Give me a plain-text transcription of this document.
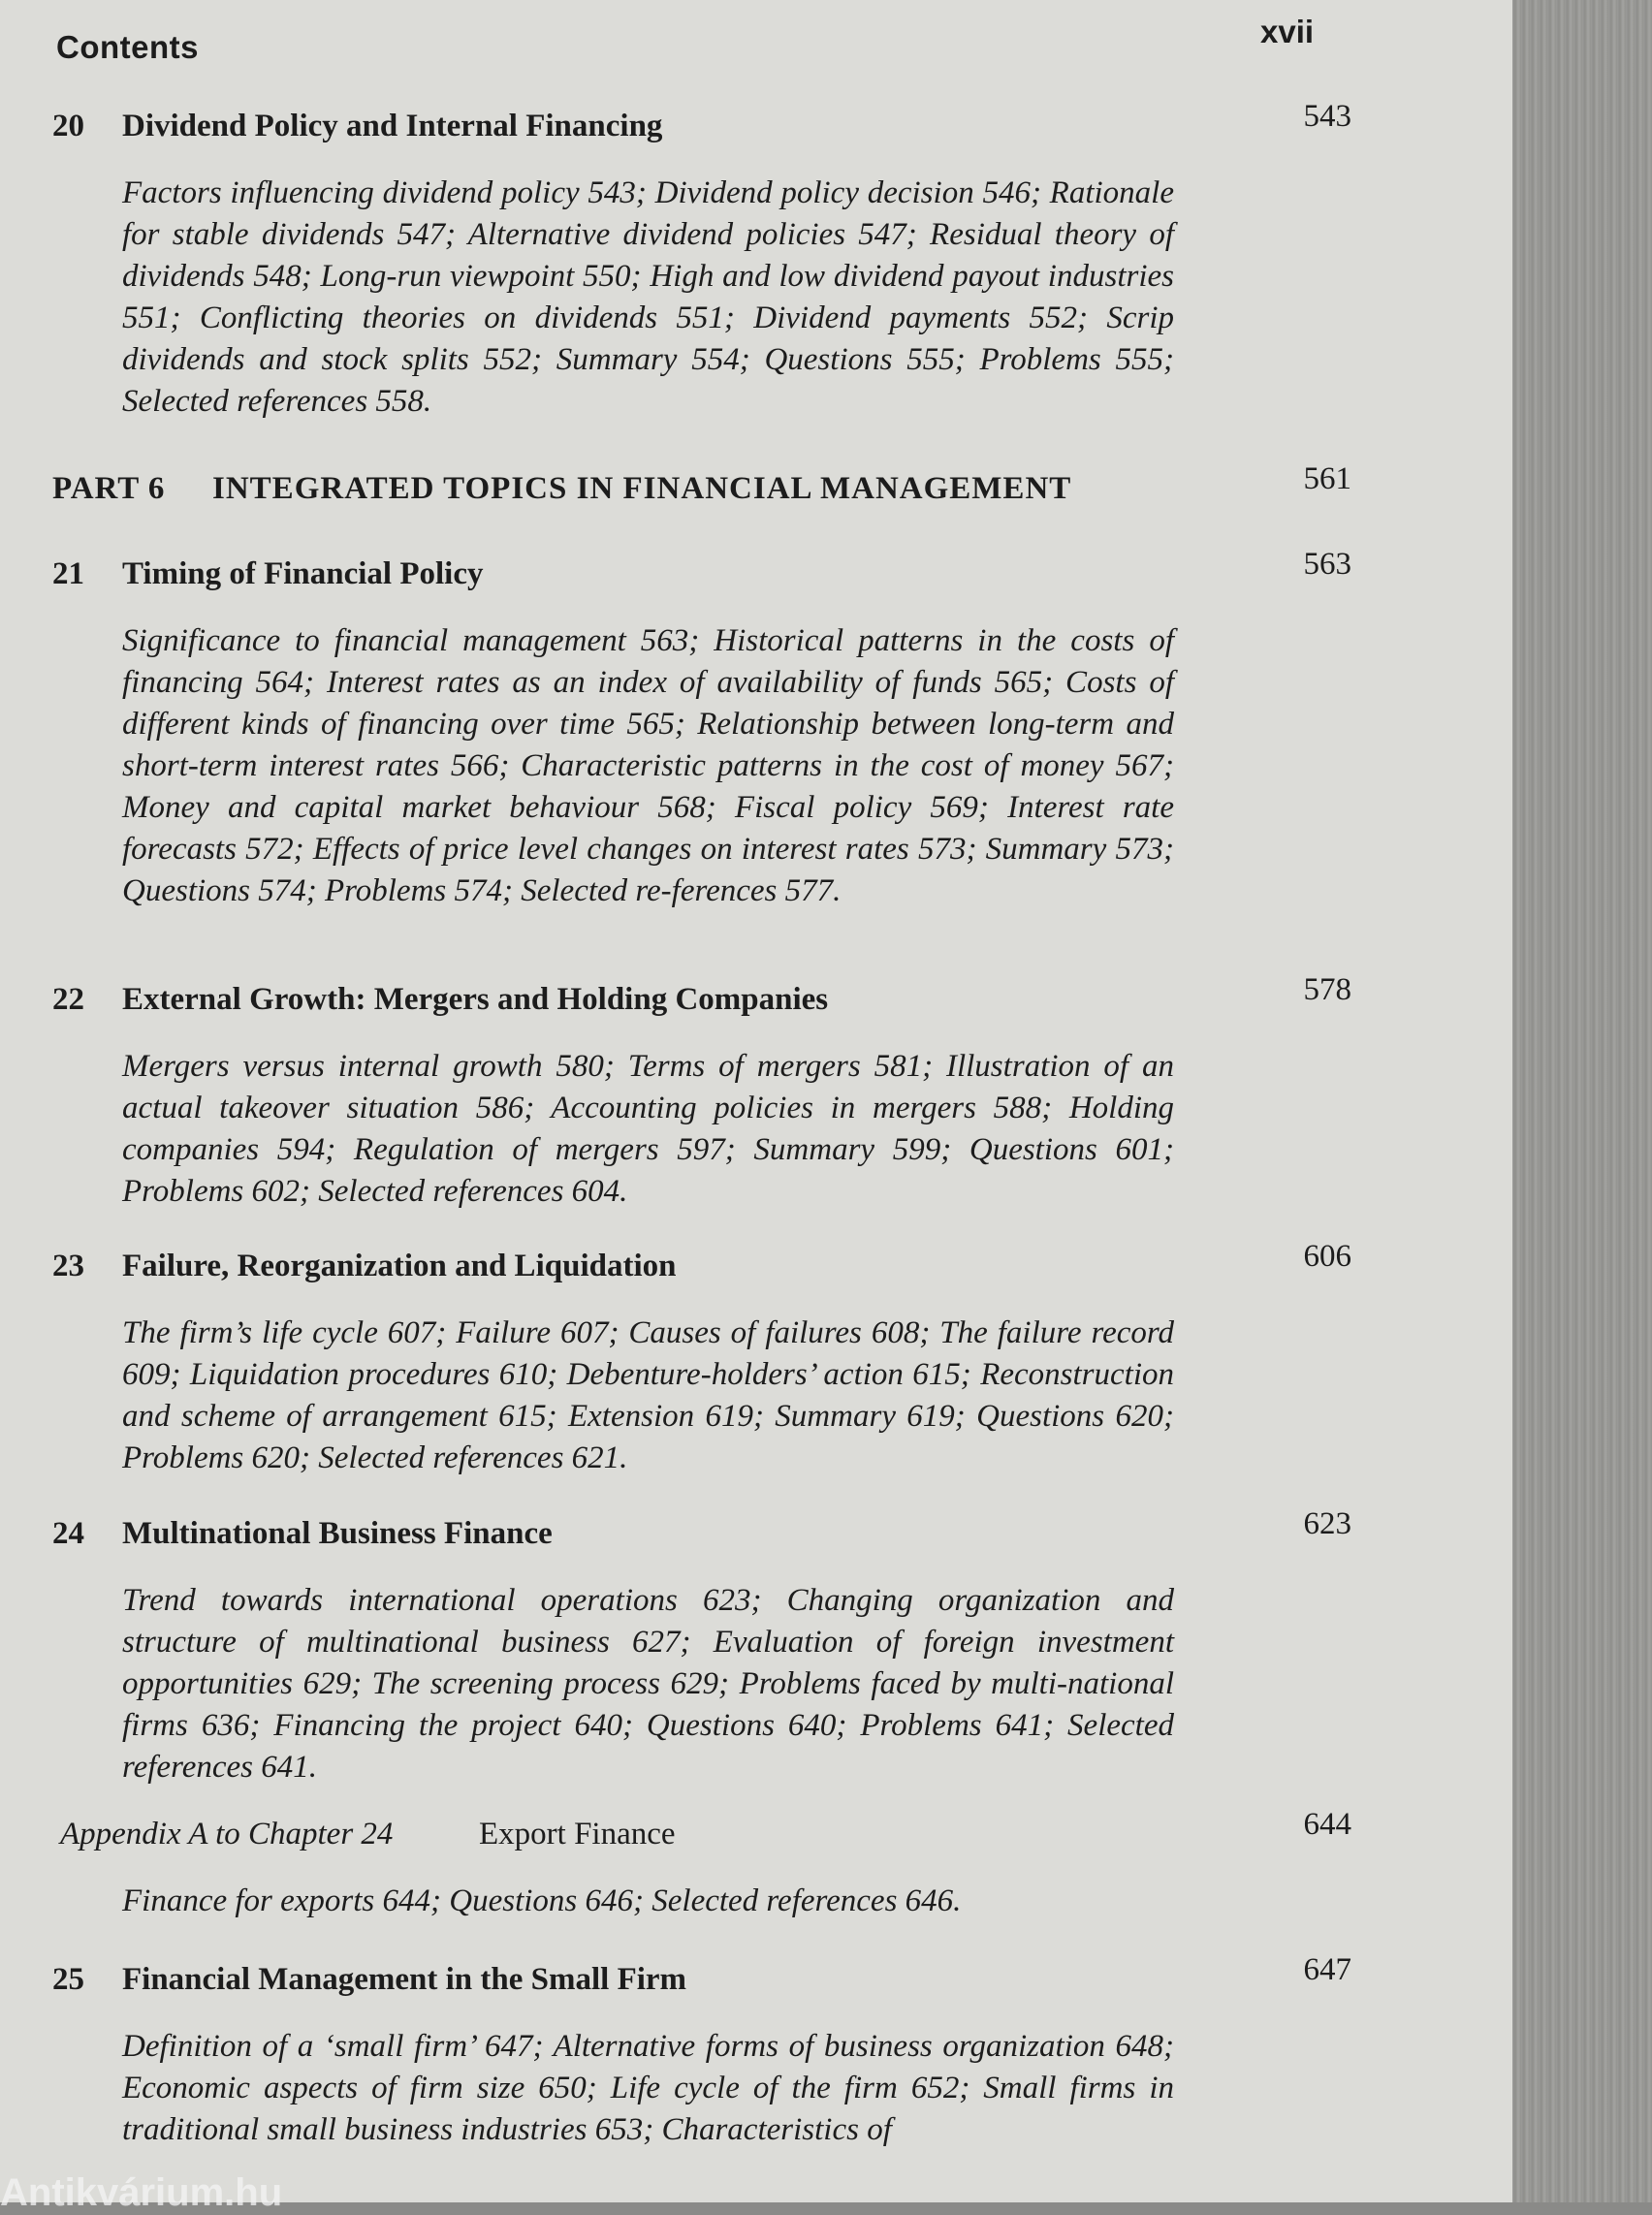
Contents	xvii
20 Dividend Policy and Internal Financing	543
Factors influencing dividend policy 543; Dividend policy decision 546; Rationale for stable dividends 547; Alternative dividend policies 547; Residual theory of dividends 548; Long-run viewpoint 550; High and low dividend payout industries 551; Conflicting theories on dividends 551; Dividend payments 552; Scrip dividends and stock splits 552; Summary 554; Questions 555; Problems 555; Selected references 558.
PART 6 INTEGRATED TOPICS IN FINANCIAL MANAGEMENT	561
21 Timing of Financial Policy	563
Significance to financial management 563; Historical patterns in the costs of financing 564; Interest rates as an index of availability of funds 565; Costs of different kinds of financing over time 565; Relationship between long-term and short-term interest rates 566; Characteristic patterns in the cost of money 567; Money and capital market behaviour 568; Fiscal policy 569; Interest rate forecasts 572; Effects of price level changes on interest rates 573; Summary 573; Questions 574; Problems 574; Selected re-ferences 577.
22 External Growth: Mergers and Holding Companies	578
Mergers versus internal growth 580; Terms of mergers 581; Illustration of an actual takeover situation 586; Accounting policies in mergers 588; Holding companies 594; Regulation of mergers 597; Summary 599; Questions 601; Problems 602; Selected references 604.
23 Failure, Reorganization and Liquidation	606
The firm’s life cycle 607; Failure 607; Causes of failures 608; The failure record 609; Liquidation procedures 610; Debenture-holders’ action 615; Reconstruction and scheme of arrangement 615; Extension 619; Summary 619; Questions 620; Problems 620; Selected references 621.
24 Multinational Business Finance	623
Trend towards international operations 623; Changing organization and structure of multinational business 627; Evaluation of foreign investment opportunities 629; The screening process 629; Problems faced by multi-national firms 636; Financing the project 640; Questions 640; Problems 641; Selected references 641.
Appendix A to Chapter 24	Export Finance	644
Finance for exports 644; Questions 646; Selected references 646.
25 Financial Management in the Small Firm	647
Definition of a ‘small firm’ 647; Alternative forms of business organization 648; Economic aspects of firm size 650; Life cycle of the firm 652; Small firms in traditional small business industries 653; Characteristics of
Antikvárium.hu
